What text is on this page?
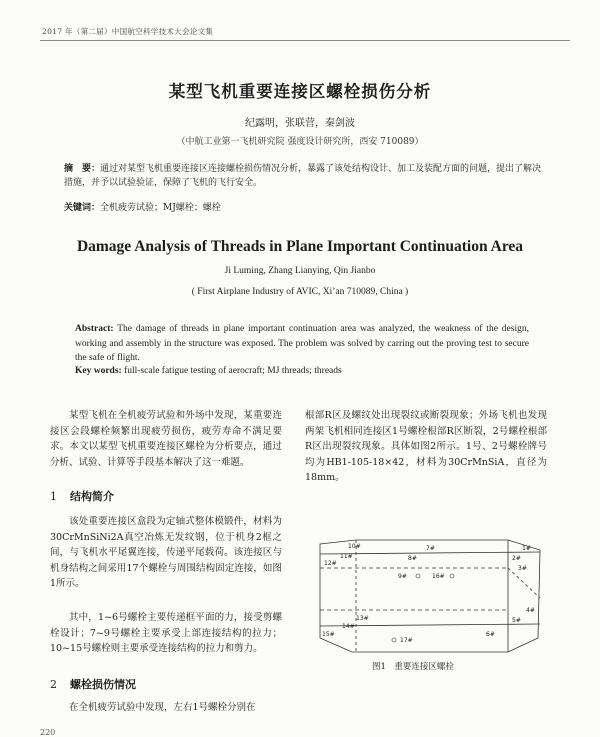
2017 年（第二届）中国航空科学技术大会论文集
某型飞机重要连接区螺栓损伤分析
纪露明，张联营，秦剑波
（中航工业第一飞机研究院 强度设计研究所，西安 710089）
摘　要：通过对某型飞机重要连接区连接螺栓损伤情况分析，暴露了该处结构设计、加工及装配方面的问题，提出了解决措施，并予以试验验证，保障了飞机的飞行安全。
关键词：全机疲劳试验；MJ螺栓；螺栓
Damage Analysis of Threads in Plane Important Continuation Area
Ji Luming, Zhang Lianying, Qin Jianbo
( First Airplane Industry of AVIC, Xi’an 710089, China )
Abstract: The damage of threads in plane important continuation area was analyzed, the weakness of the design, working and assembly in the structure was exposed. The problem was solved by carring out the proving test to secure the safe of flight.
Key words: full-scale fatigue testing of aerocraft; MJ threads; threads
某型飞机在全机疲劳试验和外场中发现，某重要连接区会段螺栓频繁出现疲劳损伤，疲劳寿命不满足要求。本文以某型飞机重要连接区螺栓为分析要点，通过分析、试验、计算等手段基本解决了这一难题。
1 结构简介
该处重要连接区盒段为定轴式整体模锻件，材料为30CrMnSiNi2A真空冶炼无发纹钢，位于机身2框之间，与飞机水平尾翼连接，传递平尾载荷。该连接区与机身结构之间采用17个螺栓与周围结构固定连接，如图1所示。
其中，1~6号螺栓主要传递框平面的力，接受剪螺栓设计；7~9号螺栓主要承受上部连接结构的拉力；10~15号螺栓则主要承受连接结构的拉力和剪力。
2 螺栓损伤情况
在全机疲劳试验中发现，左右1号螺栓分别在
根部R区及螺纹处出现裂纹或断裂现象；外场飞机也发现两架飞机相同连接区1号螺栓根部R区断裂，2号螺栓根部R区出现裂纹现象。具体如图2所示。1号、2号螺栓牌号均为HB1-105-18×42，材料为30CrMnSiA，直径为18mm。
10#
11#
12#
7#
8#
9#	16#
1#
2#
3#
13#
14#
15#
17#
4#
5#
6#
图1　重要连接区螺栓
220
